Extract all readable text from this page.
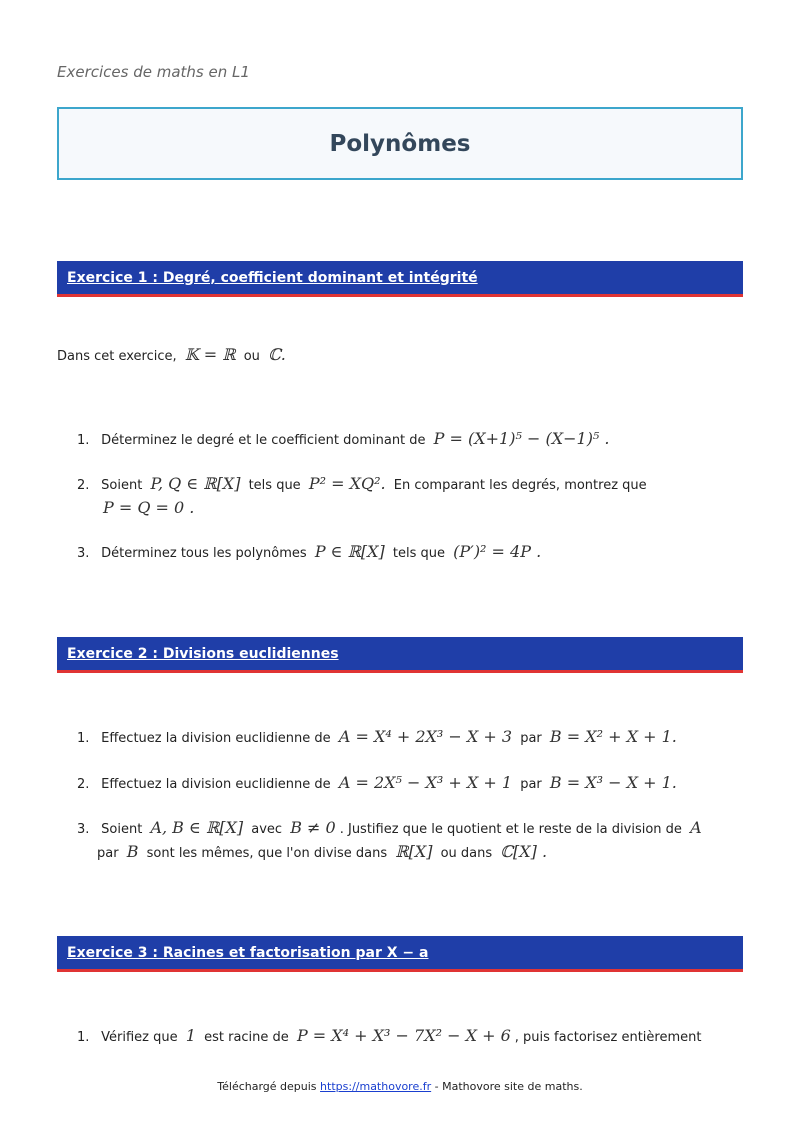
Exercices de maths en L1
Polynômes
Exercice 1 : Degré, coefficient dominant et intégrité
Dans cet exercice, 𝕂 = ℝ ou ℂ.
1. Déterminez le degré et le coefficient dominant de P = (X+1)⁵ − (X−1)⁵ .
2. Soient P, Q ∈ ℝ[X] tels que P² = XQ². En comparant les degrés, montrez que
P = Q = 0 .
3. Déterminez tous les polynômes P ∈ ℝ[X] tels que (P′)² = 4P .
Exercice 2 : Divisions euclidiennes
1. Effectuez la division euclidienne de A = X⁴ + 2X³ − X + 3 par B = X² + X + 1.
2. Effectuez la division euclidienne de A = 2X⁵ − X³ + X + 1 par B = X³ − X + 1.
3. Soient A, B ∈ ℝ[X] avec B ≠ 0 . Justifiez que le quotient et le reste de la division de A
par B sont les mêmes, que l'on divise dans ℝ[X] ou dans ℂ[X] .
Exercice 3 : Racines et factorisation par X − a
1. Vérifiez que 1 est racine de P = X⁴ + X³ − 7X² − X + 6 , puis factorisez entièrement
Téléchargé depuis https://mathovore.fr - Mathovore site de maths.
